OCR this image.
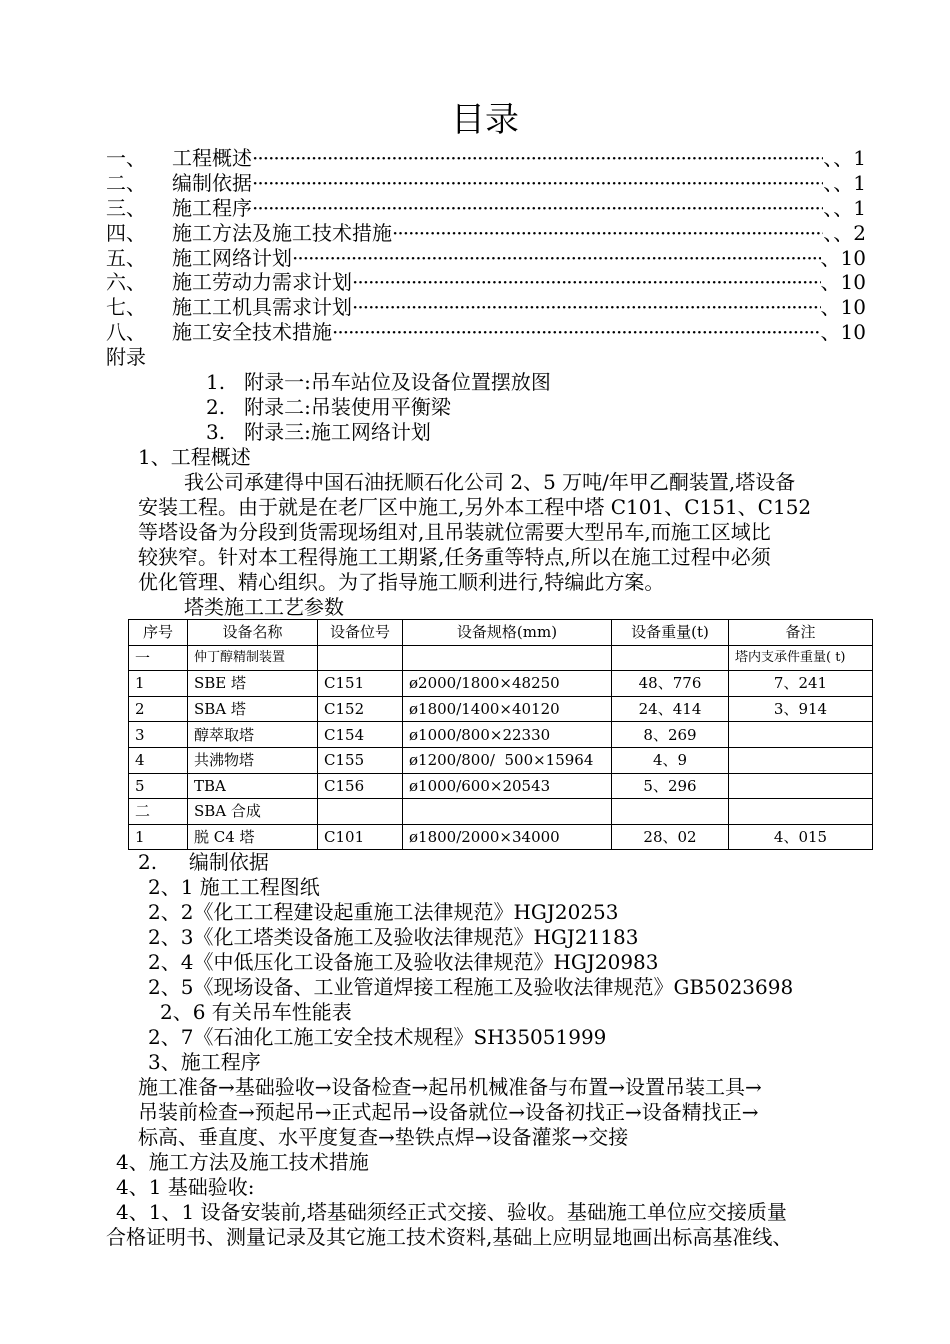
目录
一、	工程概述 ·····	、、1
二、	编制依据 ·····	、、1
三、	施工程序 ·····	、、1
四、	施工方法及施工技术措施 ·····	、、2
五、	施工网络计划 ·····	、10
六、	施工劳动力需求计划 ·····	、10
七、	施工工机具需求计划 ·····	、10
八、	施工安全技术措施 ·····	、10
附录
1.   附录一:吊车站位及设备位置摆放图
2.   附录二:吊装使用平衡梁
3.   附录三:施工网络计划
1、工程概述
我公司承建得中国石油抚顺石化公司 2、5 万吨/年甲乙酮装置,塔设备
安装工程。由于就是在老厂区中施工,另外本工程中塔 C101、C151、C152
等塔设备为分段到货需现场组对,且吊装就位需要大型吊车,而施工区域比
较狭窄。针对本工程得施工工期紧,任务重等特点,所以在施工过程中必须
优化管理、精心组织。为了指导施工顺利进行,特编此方案。
塔类施工工艺参数
序号	设备名称	设备位号	设备规格(mm)	设备重量(t)	备注
一	仲丁醇精制装置				塔内支承件重量( t)
1	SBE 塔	C151	ø2000/1800×48250	48、776	7、241
2	SBA 塔	C152	ø1800/1400×40120	24、414	3、914
3	醇萃取塔	C154	ø1000/800×22330	8、269	
4	共沸物塔	C155	ø1200/800/  500×15964	4、9	
5	TBA	C156	ø1000/600×20543	5、296	
二	SBA 合成				
1	脱 C4 塔	C101	ø1800/2000×34000	28、02	4、015
2.     编制依据
2、1 施工工程图纸
2、2《化工工程建设起重施工法律规范》HGJ20253
2、3《化工塔类设备施工及验收法律规范》HGJ21183
2、4《中低压化工设备施工及验收法律规范》HGJ20983
2、5《现场设备、工业管道焊接工程施工及验收法律规范》GB5023698
2、6 有关吊车性能表
2、7《石油化工施工安全技术规程》SH35051999
3、施工程序
施工准备→基础验收→设备检查→起吊机械准备与布置→设置吊装工具→
吊装前检查→预起吊→正式起吊→设备就位→设备初找正→设备精找正→
标高、垂直度、水平度复查→垫铁点焊→设备灌浆→交接
4、施工方法及施工技术措施
4、1 基础验收:
4、1、1 设备安装前,塔基础须经正式交接、验收。基础施工单位应交接质量
合格证明书、测量记录及其它施工技术资料,基础上应明显地画出标高基准线、
